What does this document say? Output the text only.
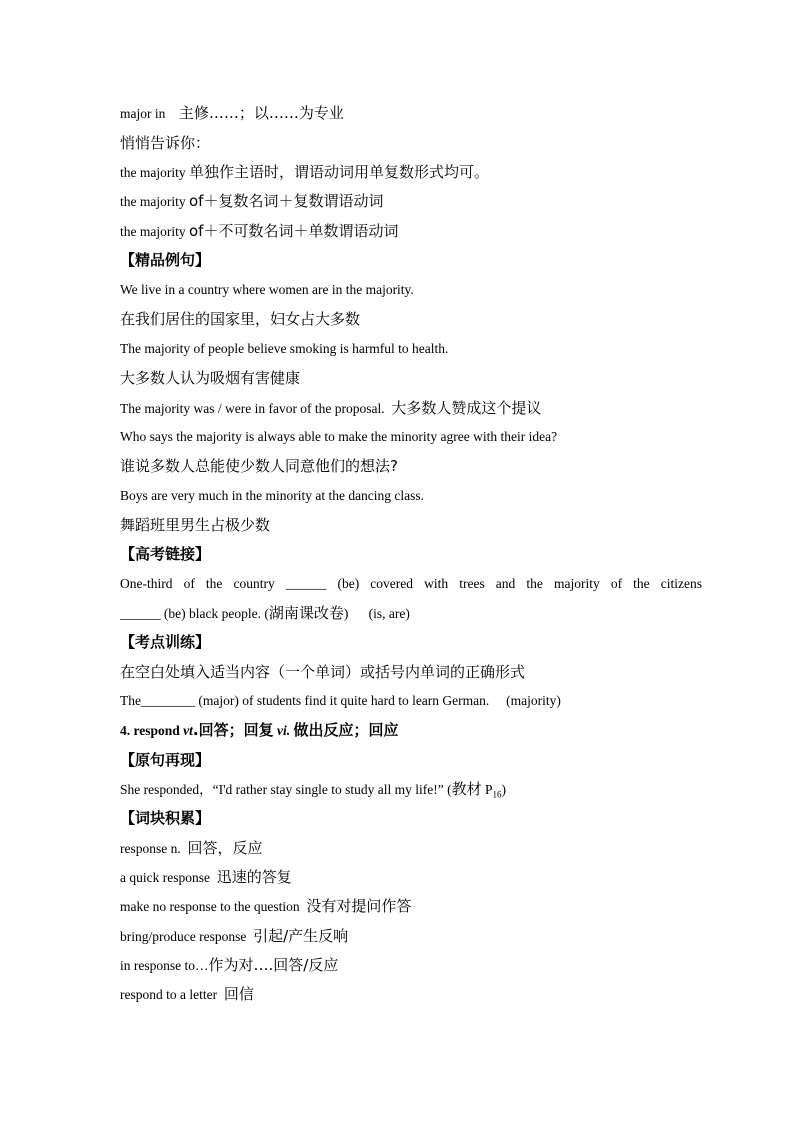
major in 主修……；以……为专业
悄悄告诉你：
the majority 单独作主语时，谓语动词用单复数形式均可。
the majority of＋复数名词＋复数谓语动词
the majority of＋不可数名词＋单数谓语动词
【精品例句】
We live in a country where women are in the majority.
在我们居住的国家里，妇女占大多数
The majority of people believe smoking is harmful to health.
大多数人认为吸烟有害健康
The majority was / were in favor of the proposal. 大多数人赞成这个提议
Who says the majority is always able to make the minority agree with their idea?
谁说多数人总能使少数人同意他们的想法?
Boys are very much in the minority at the dancing class.
舞蹈班里男生占极少数
【高考链接】
One-third of the country ______ (be) covered with trees and the majority of the citizens
______ (be) black people. (湖南课改卷)      (is, are)
【考点训练】
在空白处填入适当内容（一个单词）或括号内单词的正确形式
The________ (major) of students find it quite hard to learn German.     (majority)
4. respond vt.回答；回复 vi. 做出反应；回应
【原句再现】
She responded，“I'd rather stay single to study all my life!” (教材 $P_{16}$)
【词块积累】
response n. 回答，反应
a quick response 迅速的答复
make no response to the question 没有对提问作答
bring/produce response 引起/产生反响
in response to…作为对….回答/反应
respond to a letter 回信
